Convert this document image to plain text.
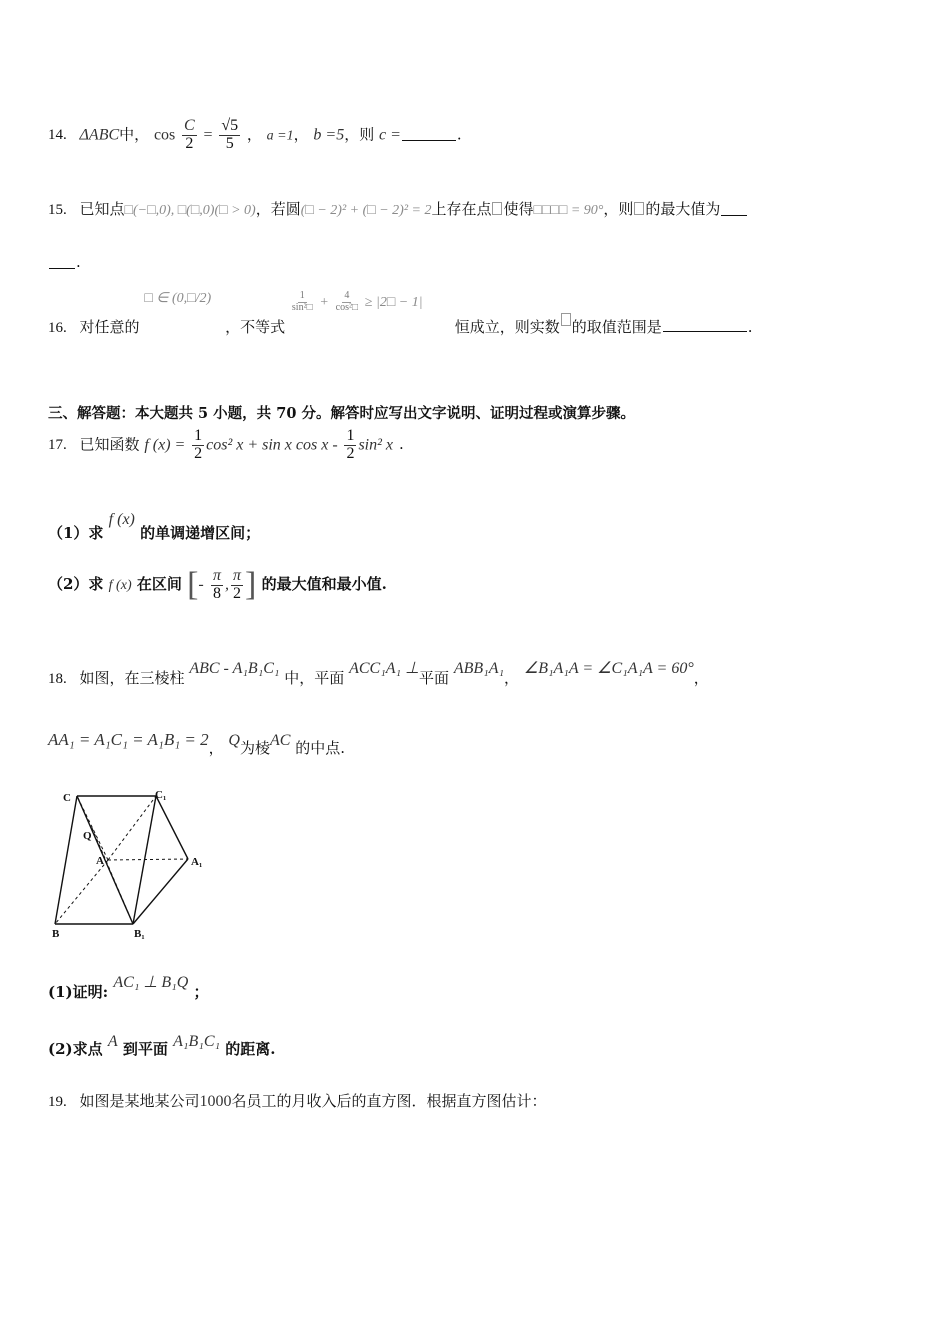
14. ΔABC中， $\cos \frac{C}{2} = \frac{√5}{5}$ ， a =1， b =5，则 c =	.
15. 已知点□(−□,0), □(□,0)(□ > 0)，若圆(□ − 2)² + (□ − 2)² = 2上存在点 使得□□□□ = 90°，则 的最大值为
.
16. 对任意的 □ ∈ (0,□/2) ，不等式
$\frac{1}{\text{sin²□}} + \frac{4}{\text{cos²□}}$ ≥ |2□ − 1| 恒成立，则实数 的取值范围是	.
三、解答题：本大题共 5 小题，共 70 分。解答时应写出文字说明、证明过程或演算步骤。
17. 已知函数 f $(x) = \frac{1}{2} \cos^2$ x + sin x cos x - $\frac{1}{2} \sin^2$ x .
（1）求 f (x) 的单调递增区间；
（2）求 f (x) 在区间 [- $\frac{\pi}{8}$ , $\frac{\pi}{2}$ ] 的最大值和最小值.
18. 如图，在三棱柱 ABC - A₁B₁C₁ 中，平面 ACC₁A₁ ⊥平面 ABB₁A₁， ∠B₁A₁A = ∠C₁A₁A = 60°，
AA₁ = A₁C₁ = A₁B₁ = 2， Q为棱AC 的中点.
C	C₁
Q
A	A₁
B	B₁
(1)证明: AC₁ ⊥ B₁Q ；
(2)求点 A 到平面 A₁B₁C₁ 的距离.
19. 如图是某地某公司1000名员工的月收入后的直方图．根据直方图估计：
